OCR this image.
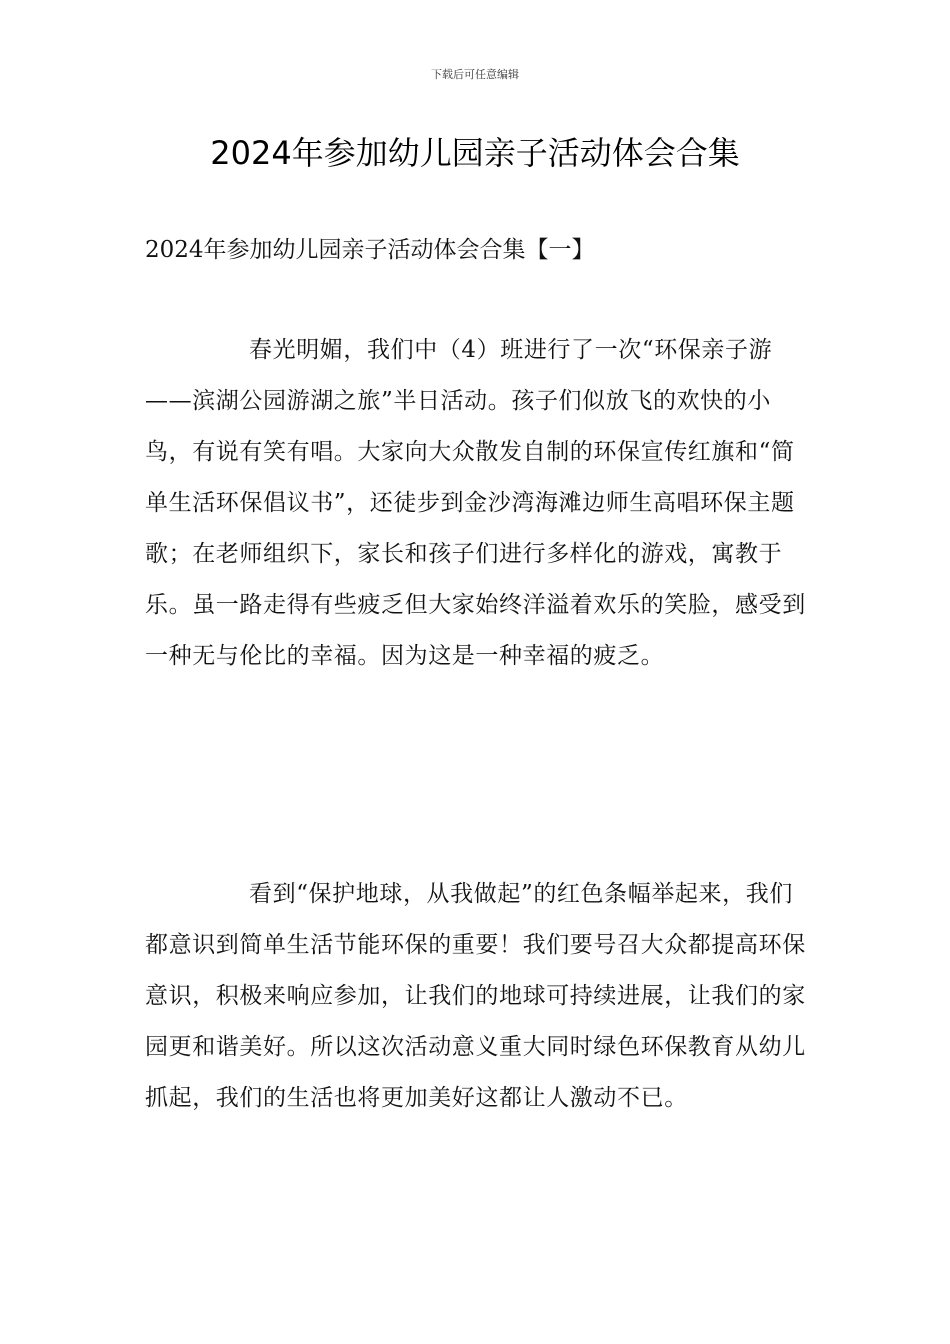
下载后可任意编辑
2024年参加幼儿园亲子活动体会合集
2024年参加幼儿园亲子活动体会合集【一】

春光明媚，我们中（4）班进行了一次“环保亲子游——滨湖公园游湖之旅”半日活动。孩子们似放飞的欢快的小鸟，有说有笑有唱。大家向大众散发自制的环保宣传红旗和“简单生活环保倡议书”，还徒步到金沙湾海滩边师生高唱环保主题歌；在老师组织下，家长和孩子们进行多样化的游戏，寓教于乐。虽一路走得有些疲乏但大家始终洋溢着欢乐的笑脸，感受到一种无与伦比的幸福。因为这是一种幸福的疲乏。

看到“保护地球，从我做起”的红色条幅举起来，我们都意识到简单生活节能环保的重要！我们要号召大众都提高环保意识，积极来响应参加，让我们的地球可持续进展，让我们的家园更和谐美好。所以这次活动意义重大同时绿色环保教育从幼儿抓起，我们的生活也将更加美好这都让人激动不已。
